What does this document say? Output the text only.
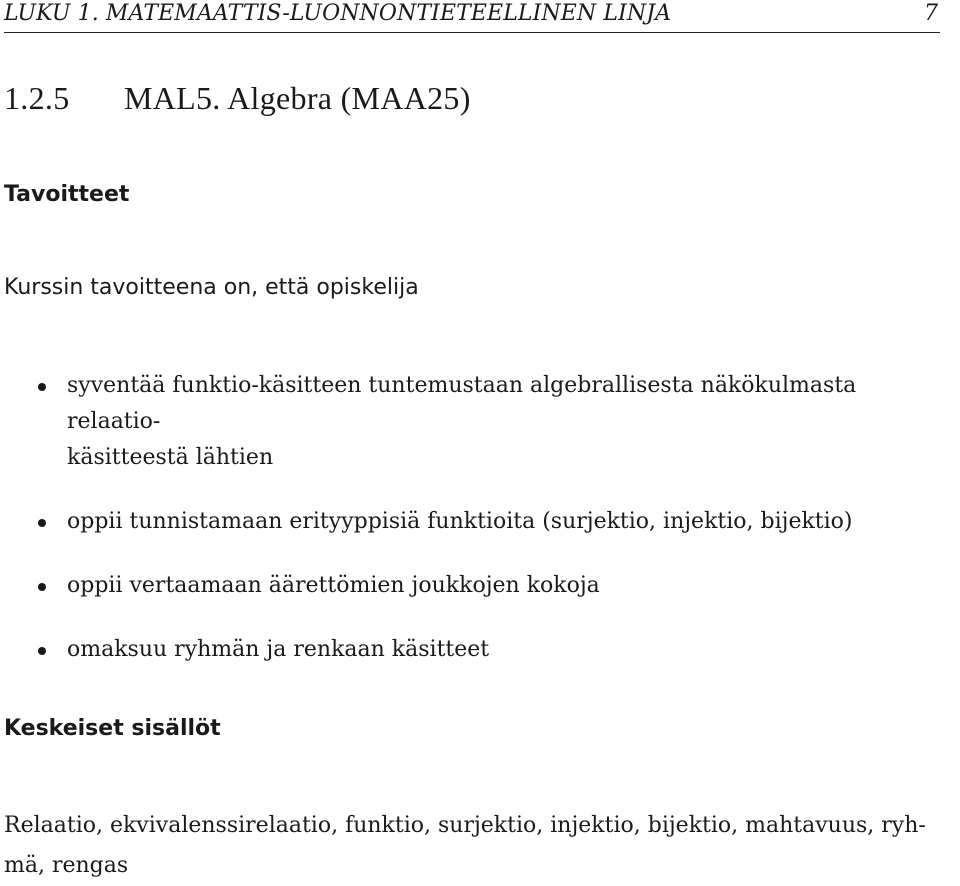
LUKU 1. MATEMAATTIS-LUONNONTIETEELLINEN LINJA	7
1.2.5 MAL5. Algebra (MAA25)
Tavoitteet
Kurssin tavoitteena on, että opiskelija
syventää funktio-käsitteen tuntemustaan algebrallisesta näkökulmasta relaatio-
käsitteestä lähtien
oppii tunnistamaan erityyppisiä funktioita (surjektio, injektio, bijektio)
oppii vertaamaan äärettömien joukkojen kokoja
omaksuu ryhmän ja renkaan käsitteet
Keskeiset sisällöt
Relaatio, ekvivalenssirelaatio, funktio, surjektio, injektio, bijektio, mahtavuus, ryh-
mä, rengas
